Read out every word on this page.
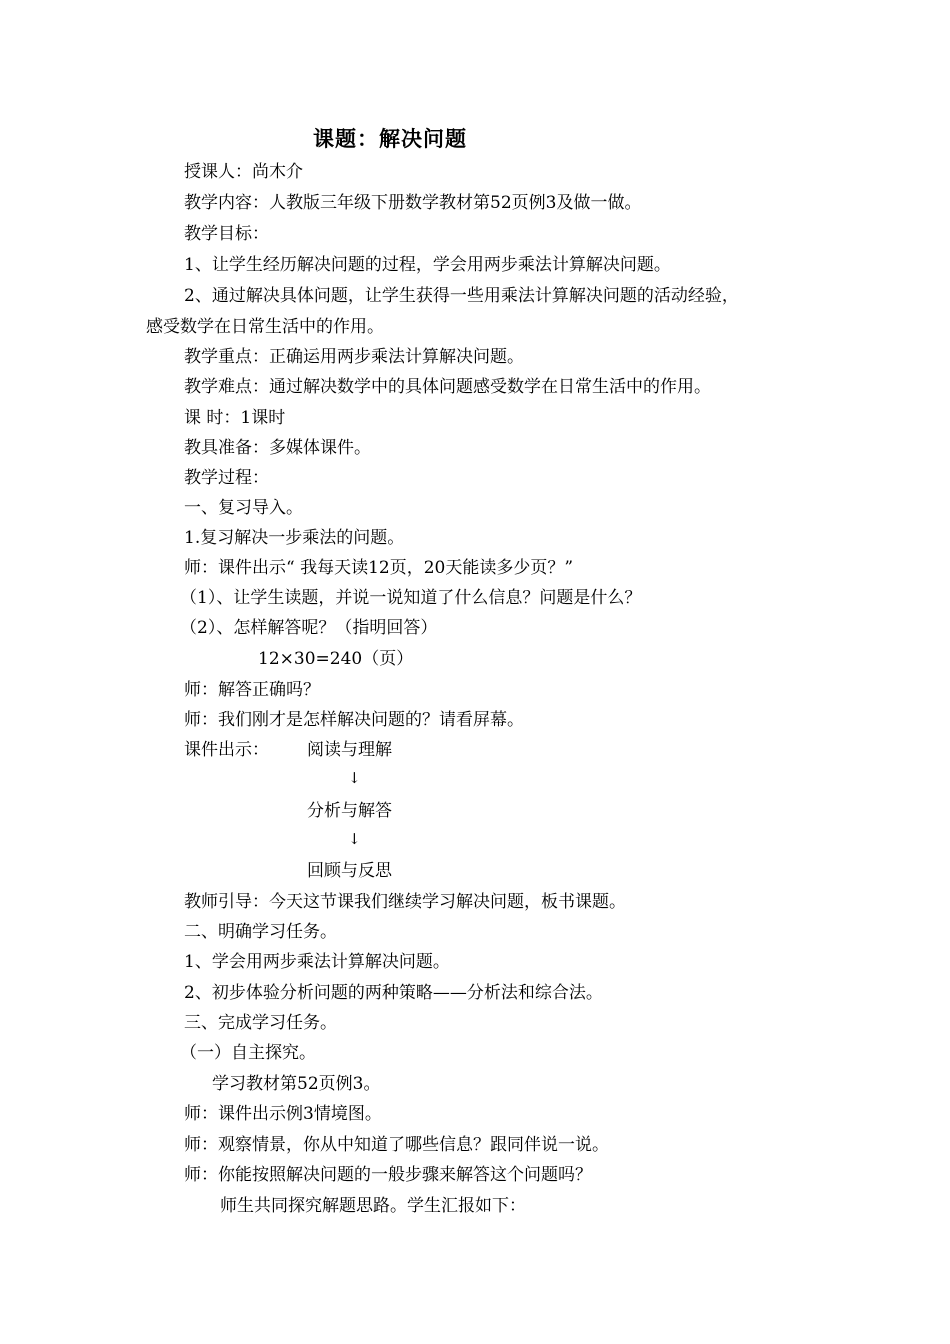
课题：解决问题
授课人：尚木介
教学内容：人教版三年级下册数学教材第52页例3及做一做。
教学目标：
1、让学生经历解决问题的过程，学会用两步乘法计算解决问题。
2、通过解决具体问题，让学生获得一些用乘法计算解决问题的活动经验，
感受数学在日常生活中的作用。
教学重点：正确运用两步乘法计算解决问题。
教学难点：通过解决数学中的具体问题感受数学在日常生活中的作用。
课 时：1课时
教具准备：多媒体课件。
教学过程：
一、复习导入。
1.复习解决一步乘法的问题。
师：课件出示“ 我每天读12页，20天能读多少页？”
（1）、让学生读题，并说一说知道了什么信息？问题是什么？
（2）、怎样解答呢？（指明回答）
12×30=240（页）
师：解答正确吗？
师：我们刚才是怎样解决问题的？请看屏幕。
课件出示： 阅读与理解
↓
分析与解答
↓
回顾与反思
教师引导：今天这节课我们继续学习解决问题，板书课题。
二、明确学习任务。
1、学会用两步乘法计算解决问题。
2、初步体验分析问题的两种策略——分析法和综合法。
三、完成学习任务。
（一）自主探究。
学习教材第52页例3。
师：课件出示例3情境图。
师：观察情景，你从中知道了哪些信息？跟同伴说一说。
师：你能按照解决问题的一般步骤来解答这个问题吗？
师生共同探究解题思路。学生汇报如下：
